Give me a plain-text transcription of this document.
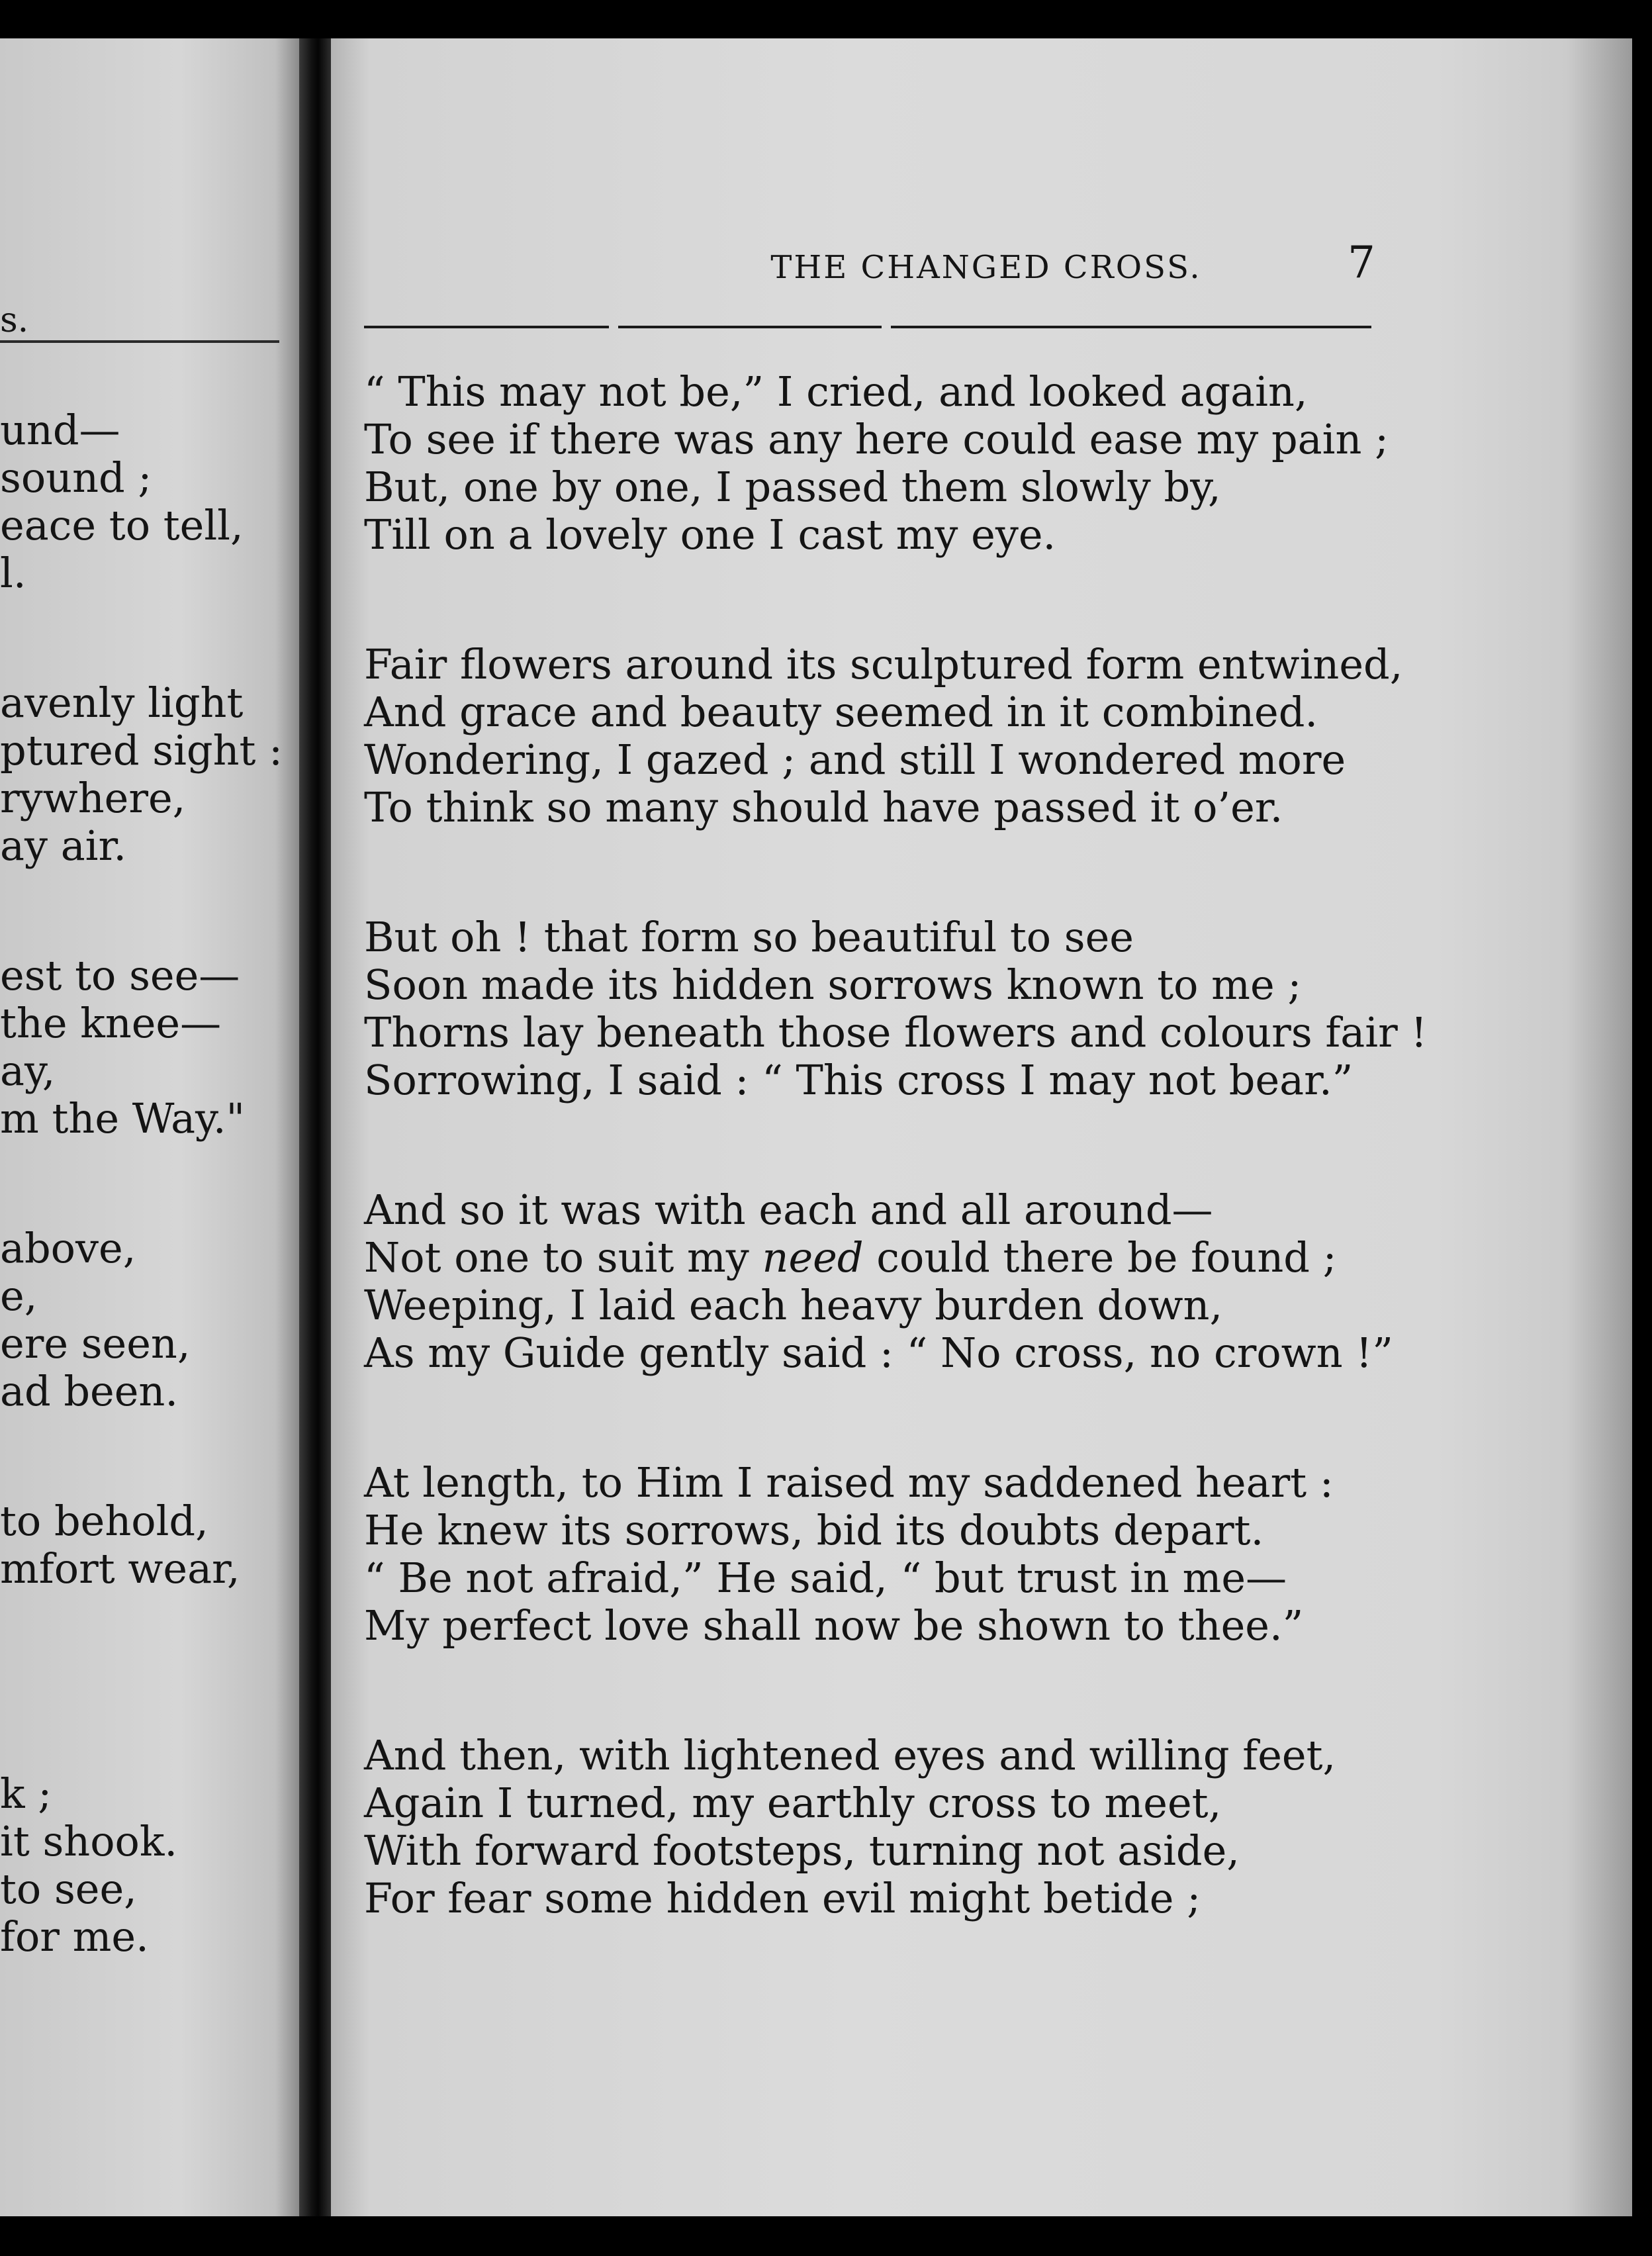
s.
und—
sound ;
eace to tell,
l.
avenly light
ptured sight :
rywhere,
ay air.
est to see—
the knee—
ay,
m the Way."
above,
e,
ere seen,
ad been.
to behold,
mfort wear,
k ;
it shook.
to see,
for me.
THE CHANGED CROSS.	7
“ This may not be,” I cried, and looked again,
To see if there was any here could ease my pain ;
But, one by one, I passed them slowly by,
Till on a lovely one I cast my eye.
Fair flowers around its sculptured form entwined,
And grace and beauty seemed in it combined.
Wondering, I gazed ; and still I wondered more
To think so many should have passed it o’er.
But oh ! that form so beautiful to see
Soon made its hidden sorrows known to me ;
Thorns lay beneath those flowers and colours fair !
Sorrowing, I said : “ This cross I may not bear.”
And so it was with each and all around—
Not one to suit my need could there be found ;
Weeping, I laid each heavy burden down,
As my Guide gently said : “ No cross, no crown !”
At length, to Him I raised my saddened heart :
He knew its sorrows, bid its doubts depart.
“ Be not afraid,” He said, “ but trust in me—
My perfect love shall now be shown to thee.”
And then, with lightened eyes and willing feet,
Again I turned, my earthly cross to meet,
With forward footsteps, turning not aside,
For fear some hidden evil might betide ;
